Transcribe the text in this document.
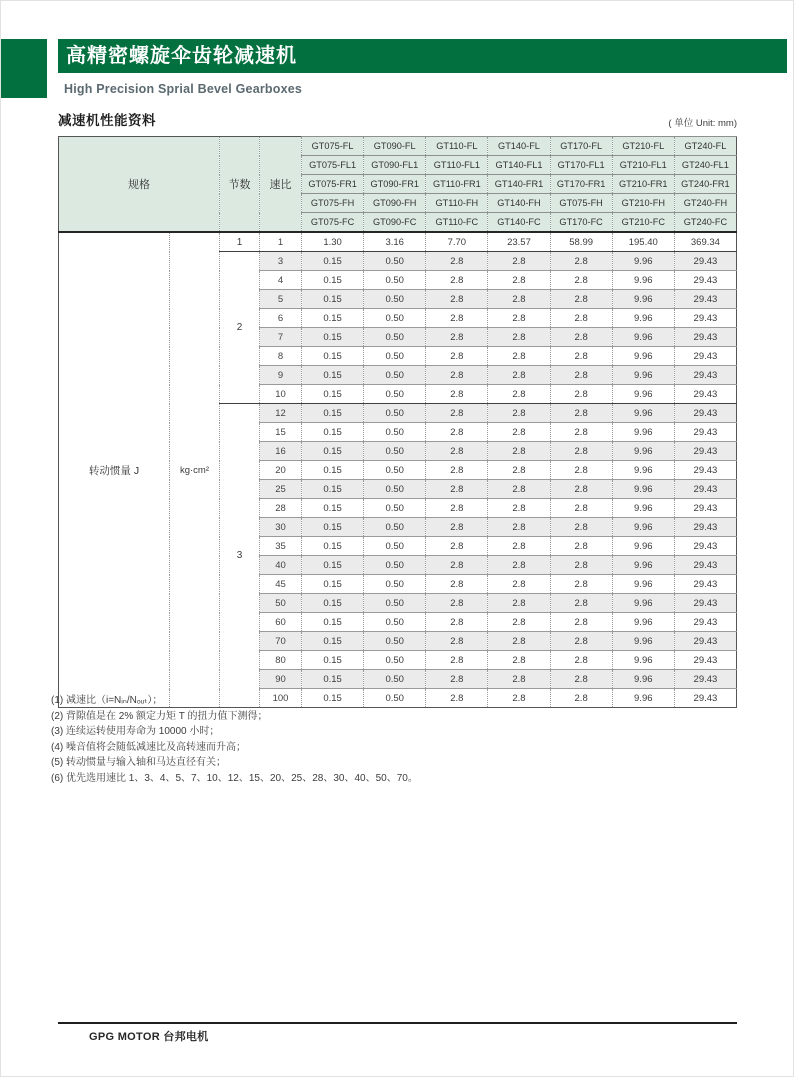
高精密螺旋伞齿轮减速机
High Precision Sprial Bevel Gearboxes
减速机性能资料	( 单位 Unit: mm)
规格		节数	速比	GT075-FL	GT090-FL	GT110-FL	GT140-FL	GT170-FL	GT210-FL	GT240-FL
				GT075-FL1	GT090-FL1	GT110-FL1	GT140-FL1	GT170-FL1	GT210-FL1	GT240-FL1
				GT075-FR1	GT090-FR1	GT110-FR1	GT140-FR1	GT170-FR1	GT210-FR1	GT240-FR1
				GT075-FH	GT090-FH	GT110-FH	GT140-FH	GT075-FH	GT210-FH	GT240-FH
				GT075-FC	GT090-FC	GT110-FC	GT140-FC	GT170-FC	GT210-FC	GT240-FC
转动惯量 J	kg·cm²	1	1	1.30	3.16	7.70	23.57	58.99	195.40	369.34
		2	3	0.15	0.50	2.8	2.8	2.8	9.96	29.43
			4	0.15	0.50	2.8	2.8	2.8	9.96	29.43
			5	0.15	0.50	2.8	2.8	2.8	9.96	29.43
			6	0.15	0.50	2.8	2.8	2.8	9.96	29.43
			7	0.15	0.50	2.8	2.8	2.8	9.96	29.43
			8	0.15	0.50	2.8	2.8	2.8	9.96	29.43
			9	0.15	0.50	2.8	2.8	2.8	9.96	29.43
			10	0.15	0.50	2.8	2.8	2.8	9.96	29.43
		3	12	0.15	0.50	2.8	2.8	2.8	9.96	29.43
			15	0.15	0.50	2.8	2.8	2.8	9.96	29.43
			16	0.15	0.50	2.8	2.8	2.8	9.96	29.43
			20	0.15	0.50	2.8	2.8	2.8	9.96	29.43
			25	0.15	0.50	2.8	2.8	2.8	9.96	29.43
			28	0.15	0.50	2.8	2.8	2.8	9.96	29.43
			30	0.15	0.50	2.8	2.8	2.8	9.96	29.43
			35	0.15	0.50	2.8	2.8	2.8	9.96	29.43
			40	0.15	0.50	2.8	2.8	2.8	9.96	29.43
			45	0.15	0.50	2.8	2.8	2.8	9.96	29.43
			50	0.15	0.50	2.8	2.8	2.8	9.96	29.43
			60	0.15	0.50	2.8	2.8	2.8	9.96	29.43
			70	0.15	0.50	2.8	2.8	2.8	9.96	29.43
			80	0.15	0.50	2.8	2.8	2.8	9.96	29.43
			90	0.15	0.50	2.8	2.8	2.8	9.96	29.43
			100	0.15	0.50	2.8	2.8	2.8	9.96	29.43
(1) 减速比（i=Nᵢₙ/Nₒᵤₜ）；
(2) 背隙值是在 2% 额定力矩 T 的扭力值下测得；
(3) 连续运转使用寿命为 10000 小时；
(4) 噪音值将会随低减速比及高转速而升高；
(5) 转动惯量与输入轴和马达直径有关；
(6) 优先选用速比 1、3、4、5、7、10、12、15、20、25、28、30、40、50、70。
GPG MOTOR 台邦电机
